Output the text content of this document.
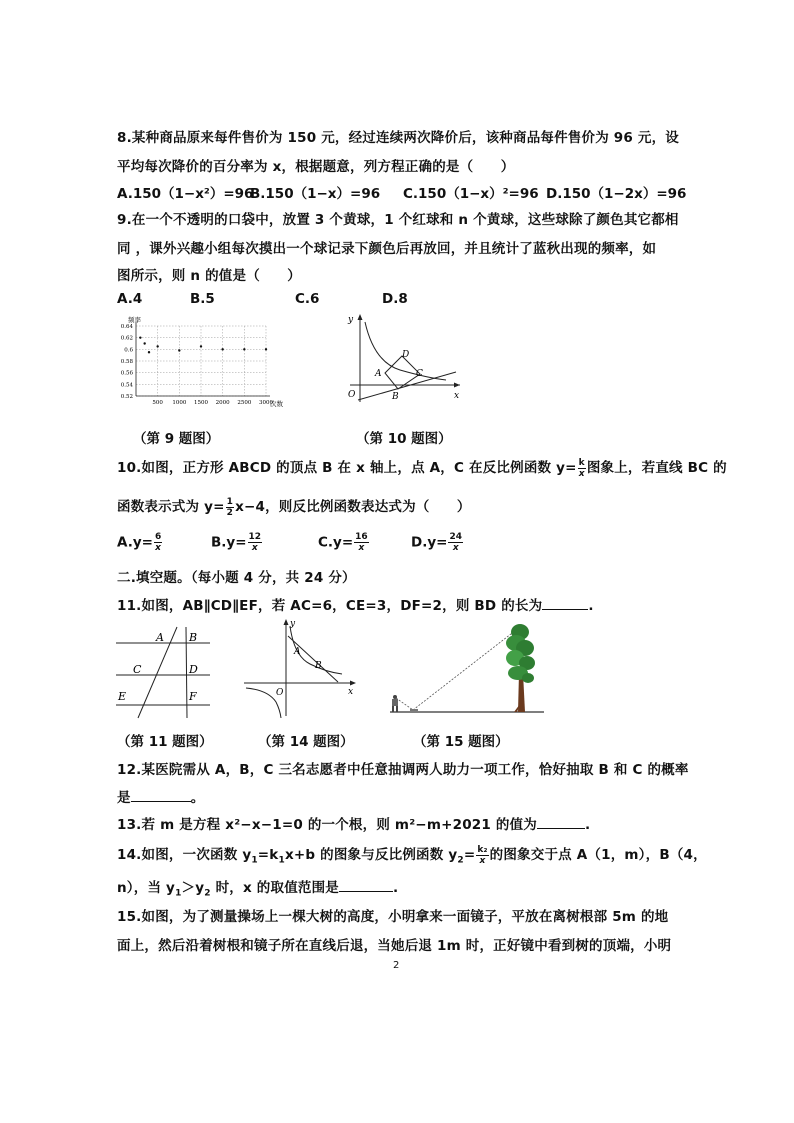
8.某种商品原来每件售价为 150 元，经过连续两次降价后，该种商品每件售价为 96 元，设
平均每次降价的百分率为 x，根据题意，列方程正确的是（　　）
A.150（1−x²）=96
B.150（1−x）=96 C.150（1−x）²=96 D.150（1−2x）=96
9.在一个不透明的口袋中，放置 3 个黄球，1 个红球和 n 个黄球，这些球除了颜色其它都相
同 ，课外兴趣小组每次摸出一个球记录下颜色后再放回，并且统计了蓝秋出现的频率，如
图所示，则 n 的值是（　　）
A.4	B.5	C.6	D.8
频率
次数
0.64
0.62
0.6
0.58
0.56
0.54
0.52
500 1000 1500 2000 2500 3000
（第 9 题图）
y
x
O
A
B
C
D
（第 10 题图）
10.如图，正方形 ABCD 的顶点 B 在 x 轴上，点 A，C 在反比例函数 $y= \frac{k}{x}$ 图象上，若直线 BC 的
函数表示式为 $y= \frac{1}{2} x-4$，则反比例函数表达式为（　　）
$A.y= \frac{6}{x}$	$B.y= \frac{12}{x}$	$C.y= \frac{16}{x}$	$D.y= \frac{24}{x}$
二.填空题。（每小题 4 分，共 24 分）
11.如图，AB∥CD∥EF，若 AC=6，CE=3，DF=2，则 BD 的长为	.
A B
C	D
E	F
（第 11 题图）
y
x
O
A
B
（第 14 题图）	（第 15 题图）
12.某医院需从 A，B，C 三名志愿者中任意抽调两人助力一项工作，恰好抽取 B 和 C 的概率
是	。
13.若 m 是方程 x²−x−1=0 的一个根，则 m²−m+2021 的值为	.
14.如图，一次函数 $y_1=k_1x+b$ 的图象与反比例函数 $y_2= \frac{\text{k₂}}{x}$ 的图象交于点 A（1，m），B（4，
n），当 $y_1>y_2$ 时，x 的取值范围是	.
15.如图，为了测量操场上一棵大树的高度，小明拿来一面镜子，平放在离树根部 5m 的地
面上，然后沿着树根和镜子所在直线后退，当她后退 1m 时，正好镜中看到树的顶端，小明
2
